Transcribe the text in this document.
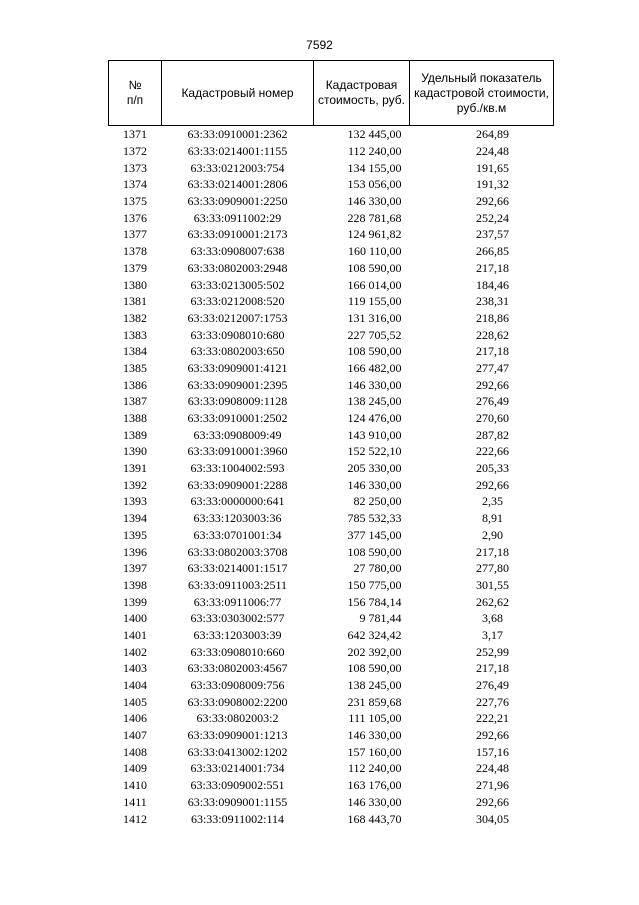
7592
№
п/п	Кадастровый номер	Кадастровая стоимость, руб.	Удельный показатель кадастровой стоимости, руб./кв.м
1371	63:33:0910001:2362	132 445,00	264,89
1372	63:33:0214001:1155	112 240,00	224,48
1373	63:33:0212003:754	134 155,00	191,65
1374	63:33:0214001:2806	153 056,00	191,32
1375	63:33:0909001:2250	146 330,00	292,66
1376	63:33:0911002:29	228 781,68	252,24
1377	63:33:0910001:2173	124 961,82	237,57
1378	63:33:0908007:638	160 110,00	266,85
1379	63:33:0802003:2948	108 590,00	217,18
1380	63:33:0213005:502	166 014,00	184,46
1381	63:33:0212008:520	119 155,00	238,31
1382	63:33:0212007:1753	131 316,00	218,86
1383	63:33:0908010:680	227 705,52	228,62
1384	63:33:0802003:650	108 590,00	217,18
1385	63:33:0909001:4121	166 482,00	277,47
1386	63:33:0909001:2395	146 330,00	292,66
1387	63:33:0908009:1128	138 245,00	276,49
1388	63:33:0910001:2502	124 476,00	270,60
1389	63:33:0908009:49	143 910,00	287,82
1390	63:33:0910001:3960	152 522,10	222,66
1391	63:33:1004002:593	205 330,00	205,33
1392	63:33:0909001:2288	146 330,00	292,66
1393	63:33:0000000:641	82 250,00	2,35
1394	63:33:1203003:36	785 532,33	8,91
1395	63:33:0701001:34	377 145,00	2,90
1396	63:33:0802003:3708	108 590,00	217,18
1397	63:33:0214001:1517	27 780,00	277,80
1398	63:33:0911003:2511	150 775,00	301,55
1399	63:33:0911006:77	156 784,14	262,62
1400	63:33:0303002:577	9 781,44	3,68
1401	63:33:1203003:39	642 324,42	3,17
1402	63:33:0908010:660	202 392,00	252,99
1403	63:33:0802003:4567	108 590,00	217,18
1404	63:33:0908009:756	138 245,00	276,49
1405	63:33:0908002:2200	231 859,68	227,76
1406	63:33:0802003:2	111 105,00	222,21
1407	63:33:0909001:1213	146 330,00	292,66
1408	63:33:0413002:1202	157 160,00	157,16
1409	63:33:0214001:734	112 240,00	224,48
1410	63:33:0909002:551	163 176,00	271,96
1411	63:33:0909001:1155	146 330,00	292,66
1412	63:33:0911002:114	168 443,70	304,05
